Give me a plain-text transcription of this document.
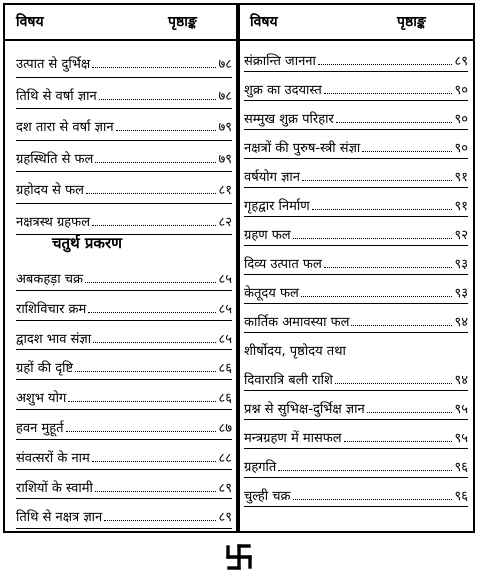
विषय	पृष्ठाङ्क	विषय	पृष्ठाङ्क
उत्पात से दुर्भिक्ष	७८
तिथि से वर्षा ज्ञान	७८
दश तारा से वर्षा ज्ञान	७९
ग्रहस्थिति से फल	७९
ग्रहोदय से फल	८१
नक्षत्रस्थ ग्रहफल	८२
चतुर्थ प्रकरण
अबकहड़ा चक्र	८५
राशिविचार क्रम	८५
द्वादश भाव संज्ञा	८५
ग्रहों की दृष्टि	८६
अशुभ योग	८६
हवन मुहूर्त	८७
संवत्सरों के नाम	८८
राशियों के स्वामी	८९
तिथि से नक्षत्र ज्ञान	८९
संक्रान्ति जानना	८९
शुक्र का उदयास्त	९०
सम्मुख शुक्र परिहार	९०
नक्षत्रों की पुरुष-स्त्री संज्ञा	९०
वर्षयोग ज्ञान	९१
गृहद्वार निर्माण	९१
ग्रहण फल	९२
दिव्य उत्पात फल	९३
केतूदय फल	९३
कार्तिक अमावस्या फल	९४
शीर्षोदय, पृष्ठोदय तथा
दिवारात्रि बली राशि	९४
प्रश्न से सुभिक्ष-दुर्भिक्ष ज्ञान	९५
मन्त्रग्रहण में मासफल	९५
ग्रहगति	९६
चुल्ही चक्र	९६
